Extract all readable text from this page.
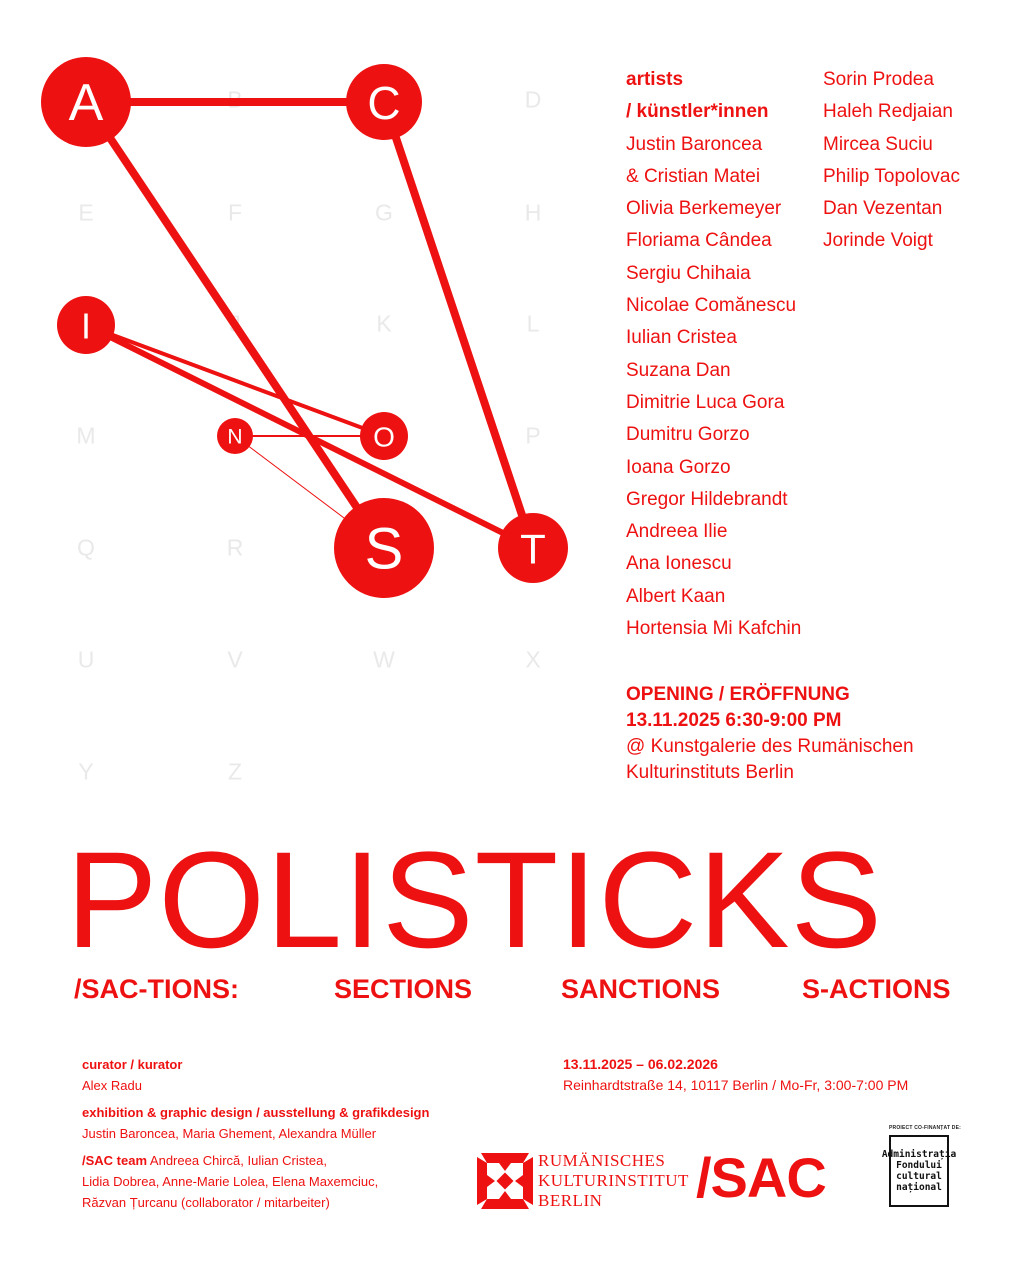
B	D
E	F	G	H
J	K	L
M	P
Q	R
U	V	W	X
Y	Z
A	C
I
N	O
S	T
artists
/ künstler*innen
Justin Baroncea
& Cristian Matei
Olivia Berkemeyer
Floriama Cândea
Sergiu Chihaia
Nicolae Comănescu
Iulian Cristea
Suzana Dan
Dimitrie Luca Gora
Dumitru Gorzo
Ioana Gorzo
Gregor Hildebrandt
Andreea Ilie
Ana Ionescu
Albert Kaan
Hortensia Mi Kafchin
Sorin Prodea
Haleh Redjaian
Mircea Suciu
Philip Topolovac
Dan Vezentan
Jorinde Voigt
OPENING / ERÖFFNUNG
13.11.2025 6:30-9:00 PM
@ Kunstgalerie des Rumänischen
Kulturinstituts Berlin
POLISTICKS
/SAC-TIONS:	SECTIONS	SANCTIONS	S-ACTIONS
curator / kurator
Alex Radu
exhibition & graphic design / ausstellung & grafikdesign
Justin Baroncea, Maria Ghement, Alexandra Müller
/SAC team Andreea Chircă, Iulian Cristea,
Lidia Dobrea, Anne-Marie Lolea, Elena Maxemciuc,
Răzvan Țurcanu (collaborator / mitarbeiter)
13.11.2025 – 06.02.2026
Reinhardtstraße 14, 10117 Berlin / Mo-Fr, 3:00-7:00 PM
RUMÄNISCHES
KULTURINSTITUT
BERLIN	/SAC
PROIECT CO-FINANȚAT DE:
Administrația
Fondului
cultural
național
